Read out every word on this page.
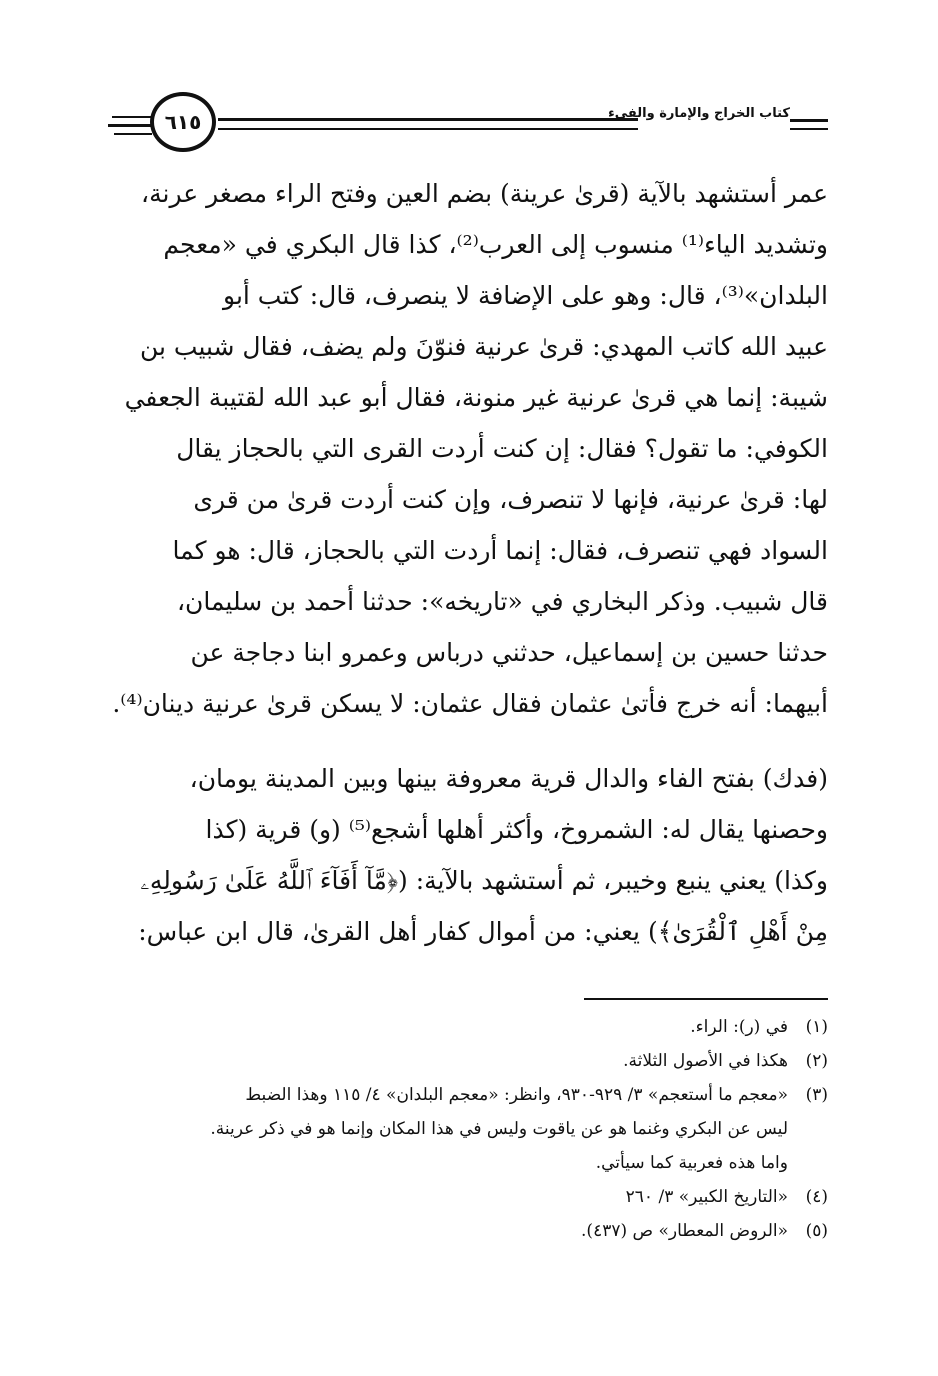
٦١٥	كتاب الخراج والإمارة والفيء
عمر أستشهد بالآية (قرىٰ عرينة) بضم العين وفتح الراء مصغر عرنة،
وتشديد الياء⁽¹⁾ منسوب إلى العرب⁽²⁾، كذا قال البكري في «معجم
البلدان»⁽³⁾، قال: وهو على الإضافة لا ينصرف، قال: كتب أبو
عبيد الله كاتب المهدي: قرىٰ عرنية فنوّنَ ولم يضف، فقال شبيب بن
شيبة: إنما هي قرىٰ عرنية غير منونة، فقال أبو عبد الله لقتيبة الجعفي
الكوفي: ما تقول؟ فقال: إن كنت أردت القرى التي بالحجاز يقال
لها: قرىٰ عرنية، فإنها لا تنصرف، وإن كنت أردت قرىٰ من قرى
السواد فهي تنصرف، فقال: إنما أردت التي بالحجاز، قال: هو كما
قال شبيب. وذكر البخاري في «تاريخه»: حدثنا أحمد بن سليمان،
حدثنا حسين بن إسماعيل، حدثني درباس وعمرو ابنا دجاجة عن
أبيهما: أنه خرج فأتىٰ عثمان فقال عثمان: لا يسكن قرىٰ عرنية دينان⁽⁴⁾.
(فدك) بفتح الفاء والدال قرية معروفة بينها وبين المدينة يومان،
وحصنها يقال له: الشمروخ، وأكثر أهلها أشجع⁽⁵⁾ (و) قرية (كذا
وكذا) يعني ينبع وخيبر، ثم أستشهد بالآية: (﴿مَّآ أَفَآءَ ٱللَّهُ عَلَىٰ رَسُولِهِۦ
مِنْ أَهْلِ ٱلْقُرَىٰ﴾) يعني: من أموال كفار أهل القرىٰ، قال ابن عباس:
(١)
في (ر): الراء.
(٢)
هكذا في الأصول الثلاثة.
(٣)
«معجم ما أستعجم» ٣/ ٩٢٩-٩٣٠، وانظر: «معجم البلدان» ٤/ ١١٥ وهذا الضبط
ليس عن البكري وغنما هو عن ياقوت وليس في هذا المكان وإنما هو في ذكر عرينة.
واما هذه فعربية كما سيأتي.
(٤)
«التاريخ الكبير» ٣/ ٢٦٠
(٥)
«الروض المعطار» ص (٤٣٧).
